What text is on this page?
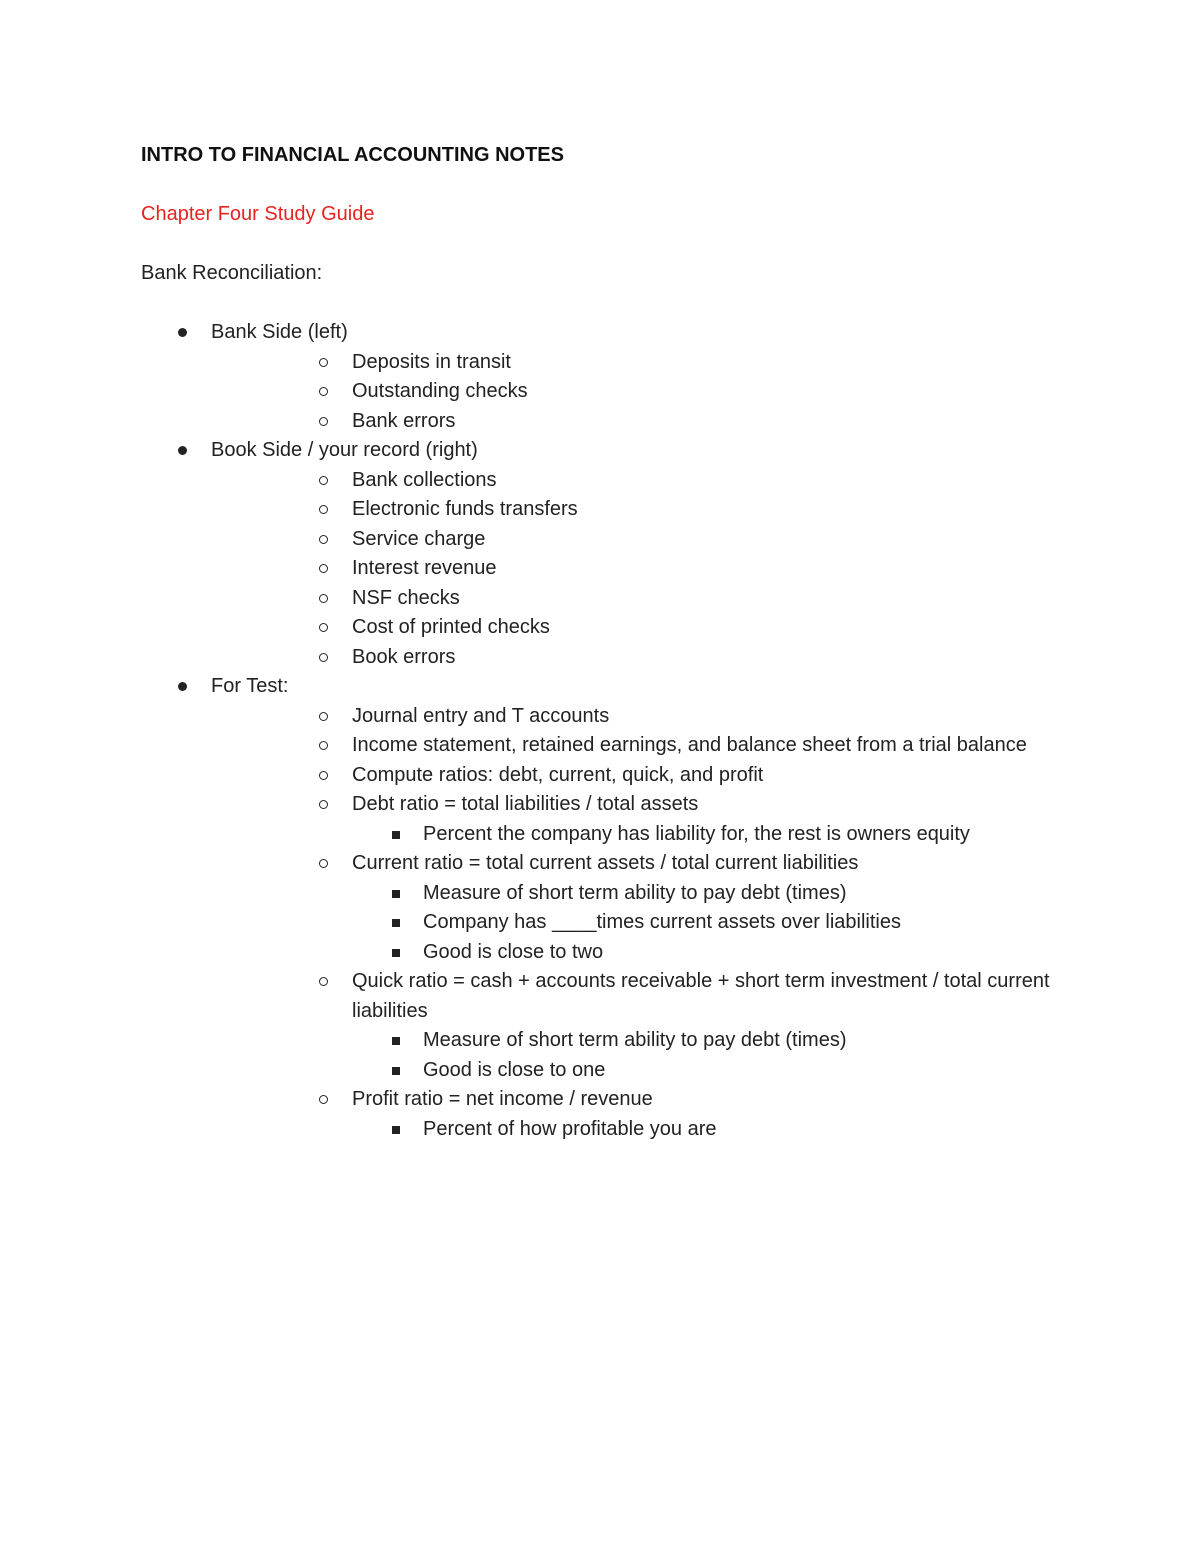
INTRO TO FINANCIAL ACCOUNTING NOTES

Chapter Four Study Guide

Bank Reconciliation:

Bank Side (left)
Deposits in transit
Outstanding checks
Bank errors
Book Side / your record (right)
Bank collections
Electronic funds transfers
Service charge
Interest revenue
NSF checks
Cost of printed checks
Book errors
For Test:
Journal entry and T accounts
Income statement, retained earnings, and balance sheet from a trial balance
Compute ratios: debt, current, quick, and profit
Debt ratio = total liabilities / total assets
Percent the company has liability for, the rest is owners equity
Current ratio = total current assets / total current liabilities
Measure of short term ability to pay debt (times)
Company has ____times current assets over liabilities
Good is close to two
Quick ratio = cash + accounts receivable + short term investment / total current liabilities
Measure of short term ability to pay debt (times)
Good is close to one
Profit ratio = net income / revenue
Percent of how profitable you are
